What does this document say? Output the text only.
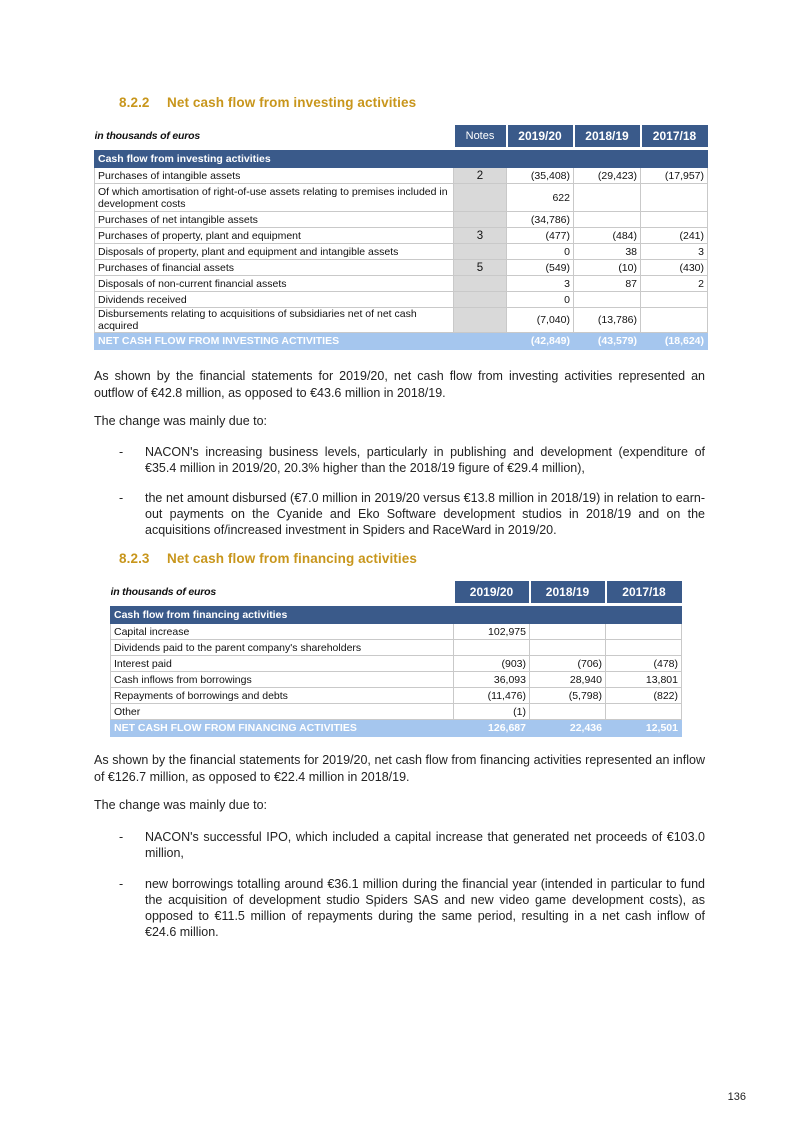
8.2.2 Net cash flow from investing activities
in thousands of euros	Notes	2019/20	2018/19	2017/18

Cash flow from investing activities				
Purchases of intangible assets	2	(35,408)	(29,423)	(17,957)
Of which amortisation of right-of-use assets relating to premises included in development costs		622		
Purchases of net intangible assets		(34,786)		
Purchases of property, plant and equipment	3	(477)	(484)	(241)
Disposals of property, plant and equipment and intangible assets		0	38	3
Purchases of financial assets	5	(549)	(10)	(430)
Disposals of non-current financial assets		3	87	2
Dividends received		0		
Disbursements relating to acquisitions of subsidiaries net of net cash acquired		(7,040)	(13,786)	
NET CASH FLOW FROM INVESTING ACTIVITIES		(42,849)	(43,579)	(18,624)
As shown by the financial statements for 2019/20, net cash flow from investing activities represented an outflow of €42.8 million, as opposed to €43.6 million in 2018/19.
The change was mainly due to:
- NACON's increasing business levels, particularly in publishing and development (expenditure of €35.4 million in 2019/20, 20.3% higher than the 2018/19 figure of €29.4 million),
- the net amount disbursed (€7.0 million in 2019/20 versus €13.8 million in 2018/19) in relation to earn-out payments on the Cyanide and Eko Software development studios in 2018/19 and on the acquisitions of/increased investment in Spiders and RaceWard in 2019/20.
8.2.3 Net cash flow from financing activities
in thousands of euros	2019/20	2018/19	2017/18

Cash flow from financing activities			
Capital increase	102,975		
Dividends paid to the parent company's shareholders			
Interest paid	(903)	(706)	(478)
Cash inflows from borrowings	36,093	28,940	13,801
Repayments of borrowings and debts	(11,476)	(5,798)	(822)
Other	(1)		
NET CASH FLOW FROM FINANCING ACTIVITIES	126,687	22,436	12,501
As shown by the financial statements for 2019/20, net cash flow from financing activities represented an inflow of €126.7 million, as opposed to €22.4 million in 2018/19.
The change was mainly due to:
- NACON's successful IPO, which included a capital increase that generated net proceeds of €103.0 million,
- new borrowings totalling around €36.1 million during the financial year (intended in particular to fund the acquisition of development studio Spiders SAS and new video game development costs), as opposed to €11.5 million of repayments during the same period, resulting in a net cash inflow of €24.6 million.
136
